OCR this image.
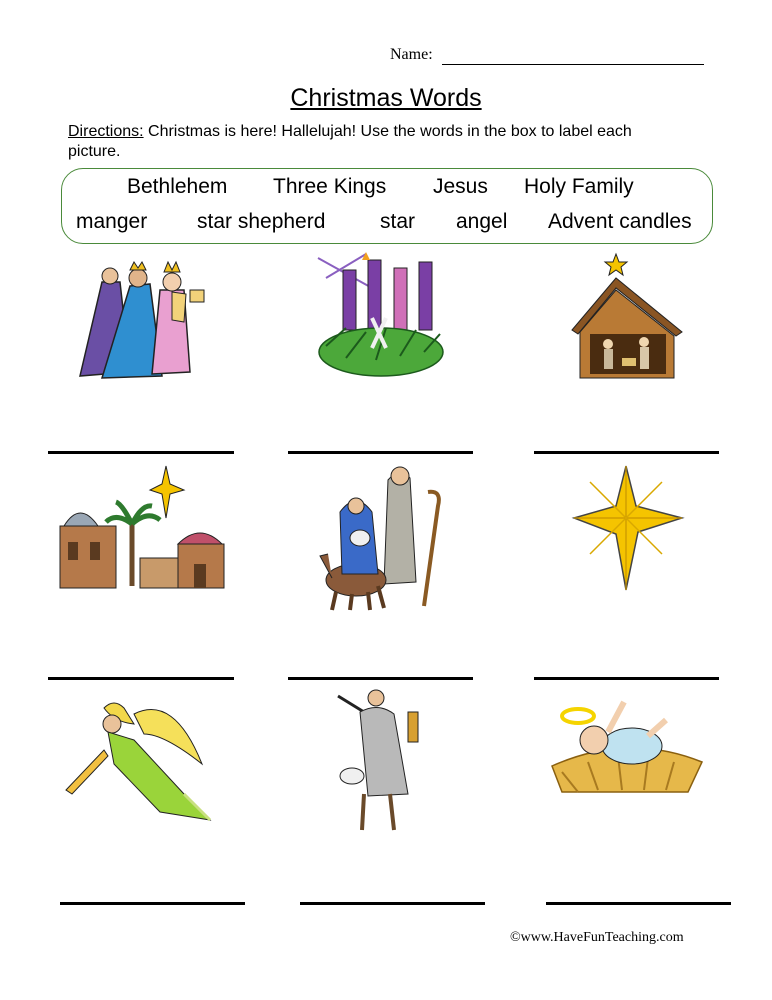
Name:
Christmas Words
Directions: Christmas is here! Hallelujah! Use the words in the box to label each picture.
Bethlehem Three Kings Jesus Holy Family
manger star shepherd	star angel Advent candles
©www.HaveFunTeaching.com
